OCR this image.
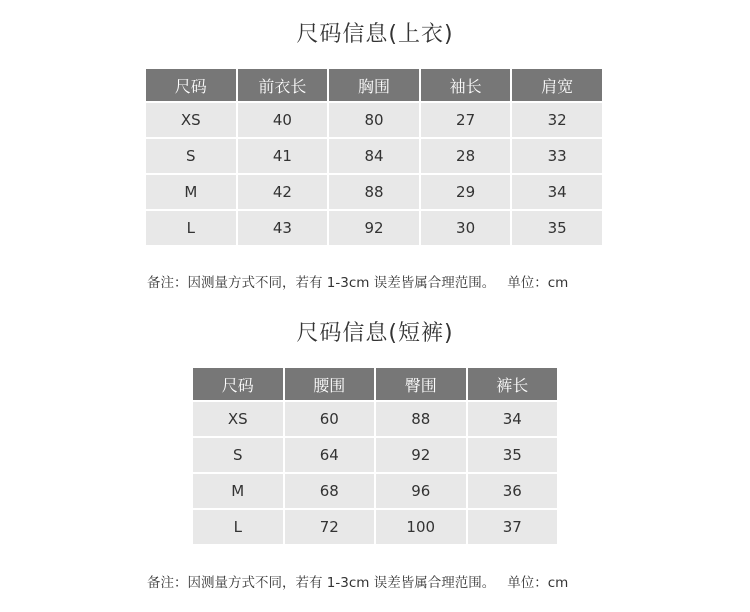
尺码信息(上衣)
尺码	前衣长	胸围	袖长	肩宽
XS	40	80	27	32
S	41	84	28	33
M	42	88	29	34
L	43	92	30	35
备注：因测量方式不同，若有 1-3cm 误差皆属合理范围。 单位：cm
尺码信息(短裤)
尺码	腰围	臀围	裤长
XS	60	88	34
S	64	92	35
M	68	96	36
L	72	100	37
备注：因测量方式不同，若有 1-3cm 误差皆属合理范围。 单位：cm
